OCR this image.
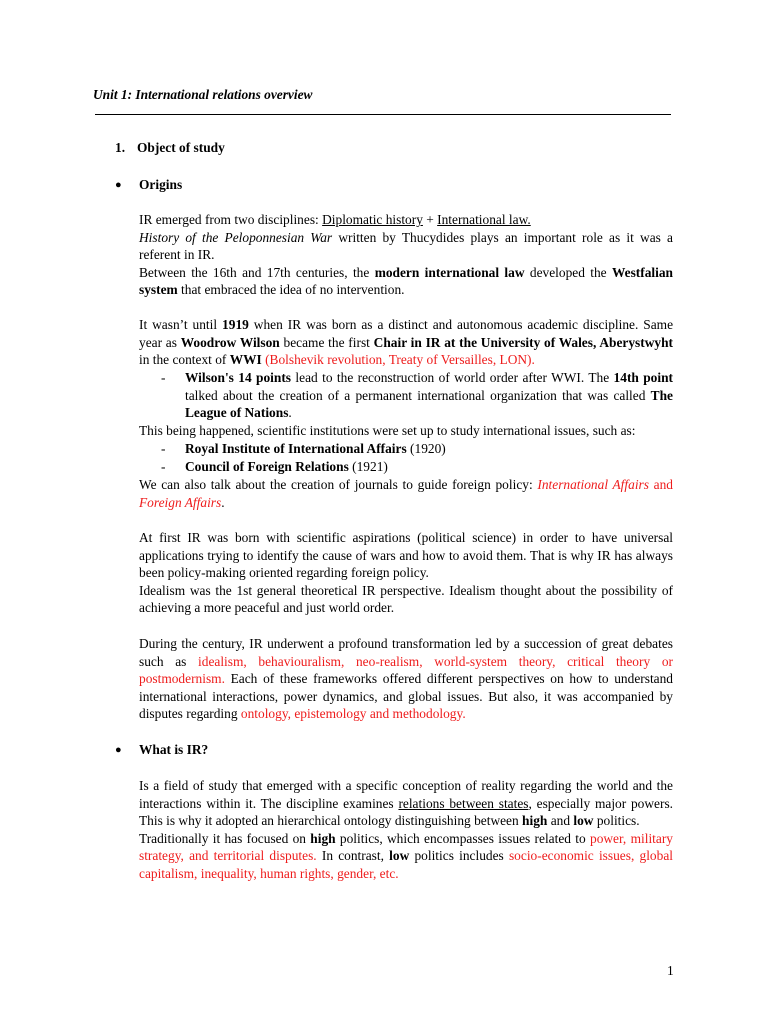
Unit 1: International relations overview
1. Object of study
● Origins

IR emerged from two disciplines: Diplomatic history + International law.

History of the Peloponnesian War written by Thucydides plays an important role as it was a referent in IR.

Between the 16th and 17th centuries, the modern international law developed the Westfalian system that embraced the idea of no intervention.

It wasn’t until 1919 when IR was born as a distinct and autonomous academic discipline. Same year as Woodrow Wilson became the first Chair in IR at the University of Wales, Aberystwyht in the context of WWI (Bolshevik revolution, Treaty of Versailles, LON).

- Wilson's 14 points lead to the reconstruction of world order after WWI. The 14th point talked about the creation of a permanent international organization that was called The League of Nations.

This being happened, scientific institutions were set up to study international issues, such as:

- Royal Institute of International Affairs (1920)
- Council of Foreign Relations (1921)

We can also talk about the creation of journals to guide foreign policy: International Affairs and Foreign Affairs.

At first IR was born with scientific aspirations (political science) in order to have universal applications trying to identify the cause of wars and how to avoid them. That is why IR has always been policy-making oriented regarding foreign policy.

Idealism was the 1st general theoretical IR perspective. Idealism thought about the possibility of achieving a more peaceful and just world order.

During the century, IR underwent a profound transformation led by a succession of great debates such as idealism, behaviouralism, neo-realism, world-system theory, critical theory or postmodernism. Each of these frameworks offered different perspectives on how to understand international interactions, power dynamics, and global issues. But also, it was accompanied by disputes regarding ontology, epistemology and methodology.

● What is IR?

Is a field of study that emerged with a specific conception of reality regarding the world and the interactions within it. The discipline examines relations between states, especially major powers. This is why it adopted an hierarchical ontology distinguishing between high and low politics.

Traditionally it has focused on high politics, which encompasses issues related to power, military strategy, and territorial disputes. In contrast, low politics includes socio-economic issues, global capitalism, inequality, human rights, gender, etc.

1
